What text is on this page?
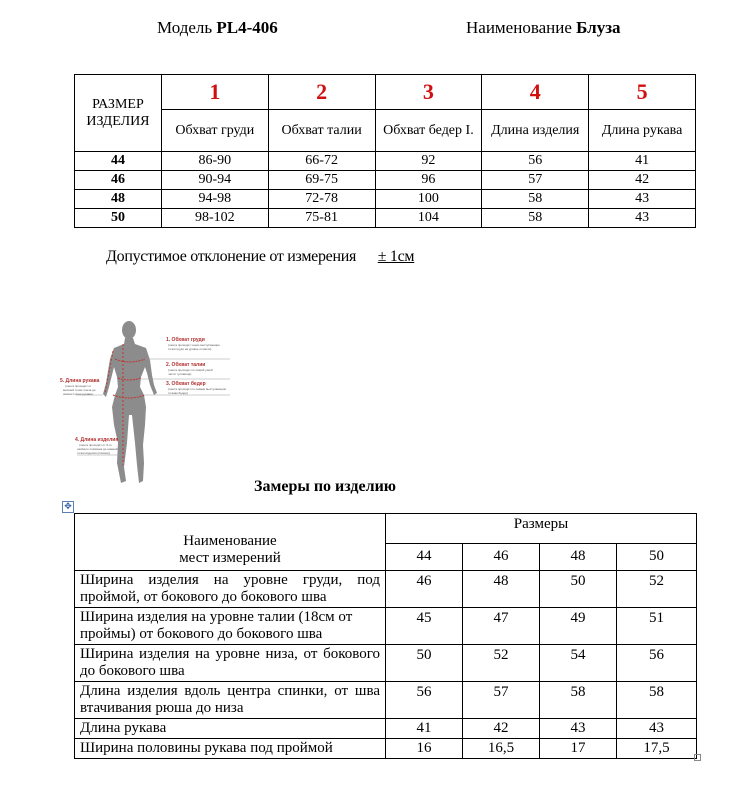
Модель PL4-406	Наименование Блуза
РАЗМЕР ИЗДЕЛИЯ	1	2	3	4	5
	Обхват груди	Обхват талии	Обхват бедер I.	Длина изделия	Длина рукава
44	86-90	66-72	92	56	41
46	90-94	69-75	96	57	42
48	94-98	72-78	100	58	43
50	98-102	75-81	104	58	43
Допустимое отклонение от измерения ± 1см
1. Обхват груди
2. Обхват талии
3. Обхват бедер
4. Длина изделия
5. Длина рукава
(лента проходит через выступающие
точки груди на уровне лопаток)
(лента проходит по самой узкой
части туловища)
(лента проходит по самым выступающим
точкам бедер)
(лента проходит от 6-го
шейного позвонка до нижней
точки изделия (спинки))
(лента проходит от
высшей точки плеча до
нижнего края рукава)
Замеры по изделию
✥

Наименование
мест измерений	Размеры			
	44	46	48	50
Ширина изделия на уровне груди, под проймой, от бокового до бокового шва	46	48	50	52
Ширина изделия на уровне талии (18см от проймы) от бокового до бокового шва	45	47	49	51
Ширина изделия на уровне низа, от бокового до бокового шва	50	52	54	56
Длина изделия вдоль центра спинки, от шва втачивания рюша до низа	56	57	58	58
Длина рукава	41	42	43	43
Ширина половины рукава под проймой	16	16,5	17	17,5
